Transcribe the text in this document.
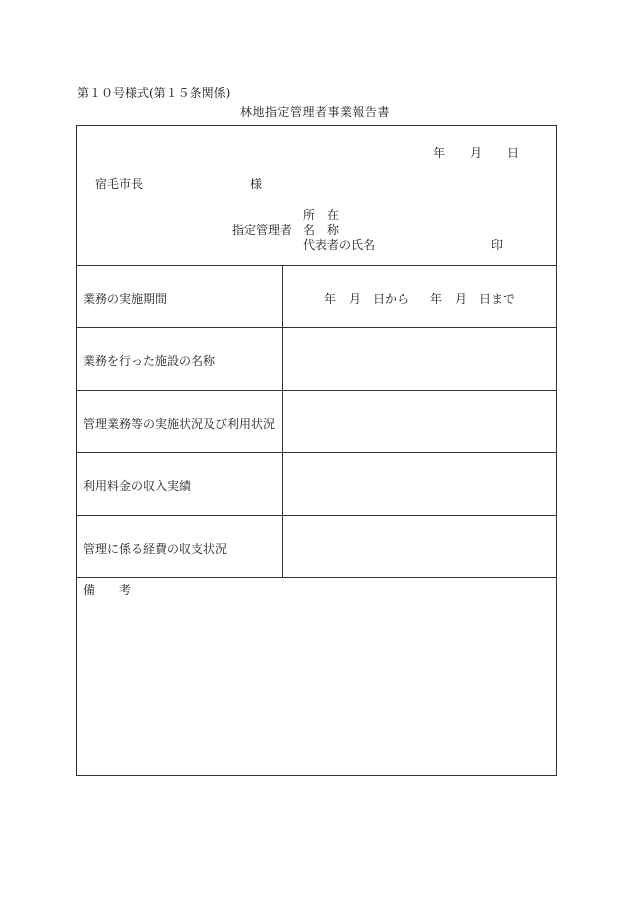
第１０号様式(第１５条関係)
林地指定管理者事業報告書
年 月 日
宿毛市長	様
所　在
指定管理者 名　称
代表者の氏名	印
業務の実施期間
業務を行った施設の名称
管理業務等の実施状況及び利用状況
利用料金の収入実績
管理に係る経費の収支状況
年 月 日から 年 月 日まで
備　　考
